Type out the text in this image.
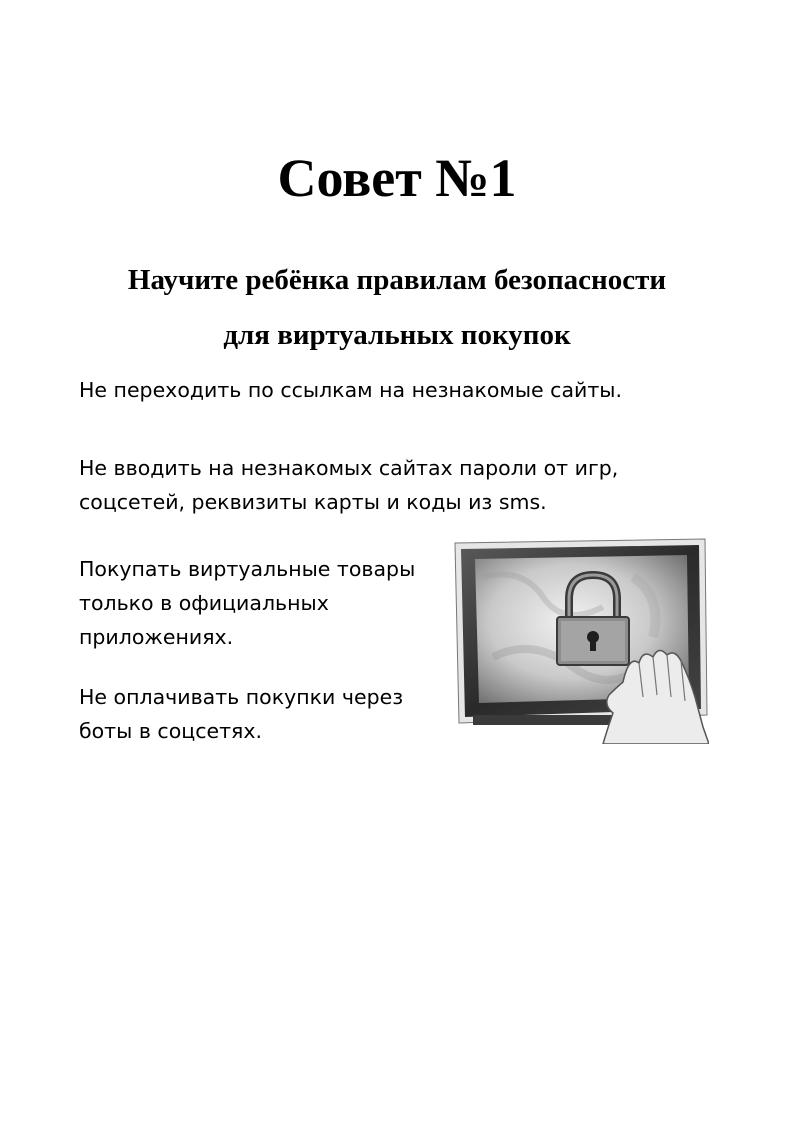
Совет №1

Научите ребёнка правилам безопасности

для виртуальных покупок

Не переходить по ссылкам на незнакомые сайты.
Не вводить на незнакомых сайтах пароли от игр,
соцсетей, реквизиты карты и коды из sms.
Покупать виртуальные товары
только в официальных
приложениях.
Не оплачивать покупки через
боты в соцсетях.
